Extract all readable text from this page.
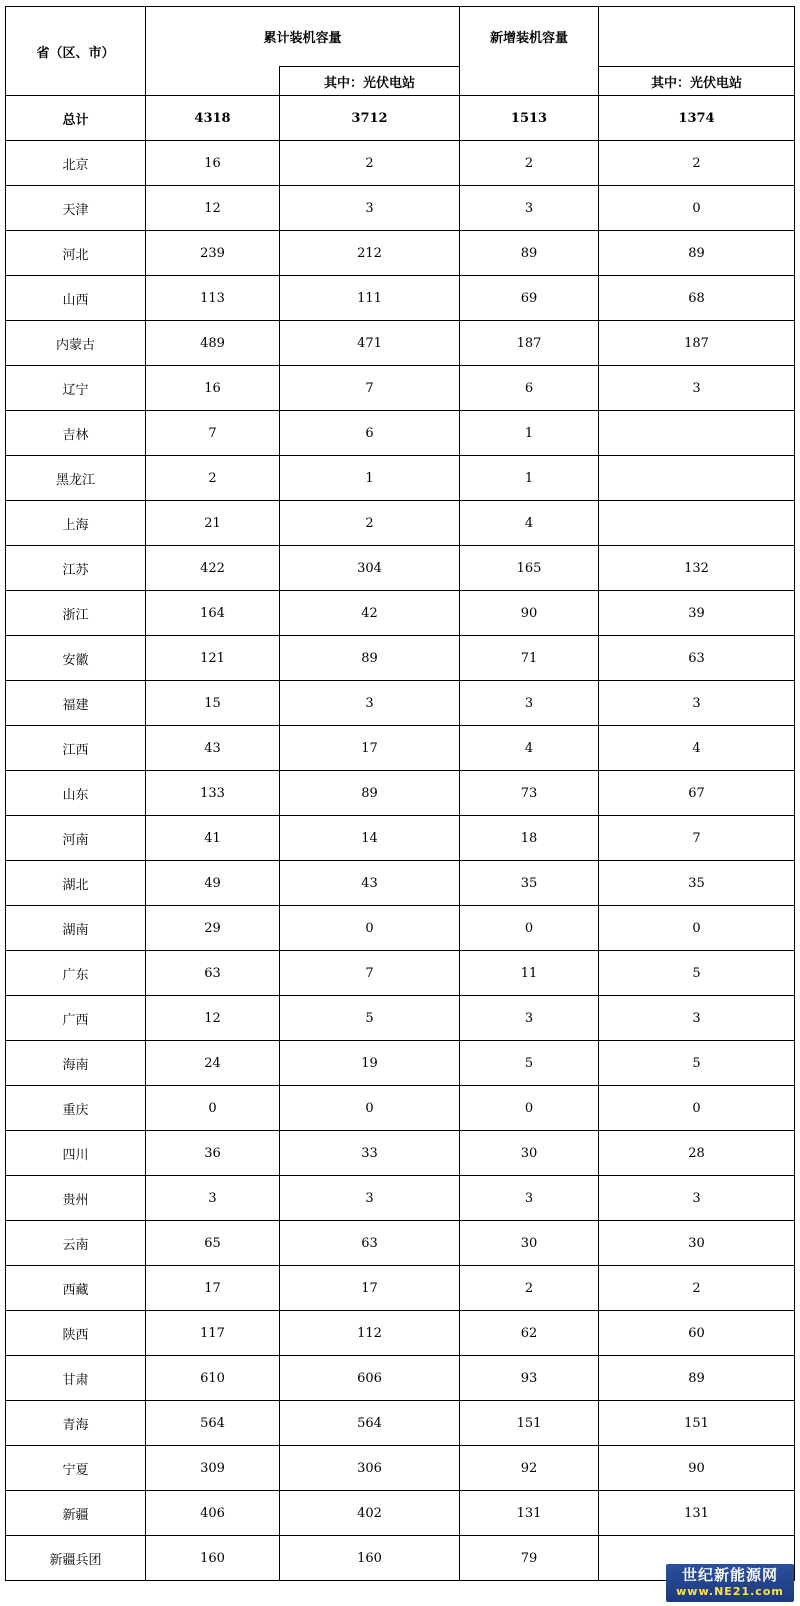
省（区、市）	累计装机容量		新增装机容量	
		其中：光伏电站		其中：光伏电站
总计	4318	3712	1513	1374
北京	16	2	2	2
天津	12	3	3	0
河北	239	212	89	89
山西	113	111	69	68
内蒙古	489	471	187	187
辽宁	16	7	6	3
吉林	7	6	1	
黑龙江	2	1	1	
上海	21	2	4	
江苏	422	304	165	132
浙江	164	42	90	39
安徽	121	89	71	63
福建	15	3	3	3
江西	43	17	4	4
山东	133	89	73	67
河南	41	14	18	7
湖北	49	43	35	35
湖南	29	0	0	0
广东	63	7	11	5
广西	12	5	3	3
海南	24	19	5	5
重庆	0	0	0	0
四川	36	33	30	28
贵州	3	3	3	3
云南	65	63	30	30
西藏	17	17	2	2
陕西	117	112	62	60
甘肃	610	606	93	89
青海	564	564	151	151
宁夏	309	306	92	90
新疆	406	402	131	131
新疆兵团	160	160	79	
世纪新能源网
www.NE21.com
